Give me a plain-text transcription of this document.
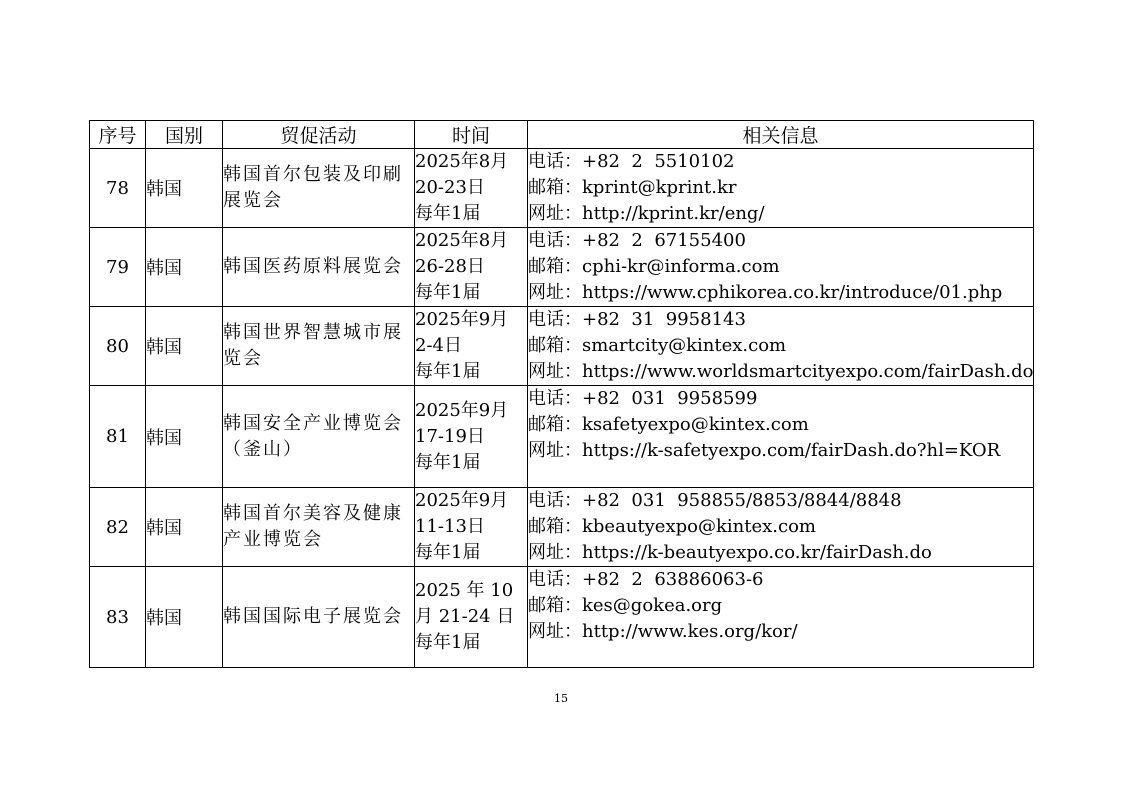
序号	国别	贸促活动	时间	相关信息
78	韩国	韩国首尔包装及印刷展览会	2025年8月
20-23日
每年1届	电话：+82  2  5510102
邮箱：kprint@kprint.kr
网址：http://kprint.kr/eng/

79	韩国	韩国医药原料展览会	2025年8月
26-28日
每年1届	电话：+82  2  67155400
邮箱：cphi-kr@informa.com
网址：https://www.cphikorea.co.kr/introduce/01.php

80	韩国	韩国世界智慧城市展览会	2025年9月
2-4日
每年1届	电话：+82  31  9958143
邮箱：smartcity@kintex.com
网址：https://www.worldsmartcityexpo.com/fairDash.do

81	韩国	韩国安全产业博览会（釜山）	2025年9月
17-19日
每年1届	电话：+82  031  9958599
邮箱：ksafetyexpo@kintex.com
网址：https://k-safetyexpo.com/fairDash.do?hl=KOR

82	韩国	韩国首尔美容及健康产业博览会	2025年9月
11-13日
每年1届	电话：+82  031  958855/8853/8844/8848
邮箱：kbeautyexpo@kintex.com
网址：https://k-beautyexpo.co.kr/fairDash.do

83	韩国	韩国国际电子展览会	2025 年 10
月 21-24 日
每年1届	电话：+82  2  63886063-6
邮箱：kes@gokea.org
网址：http://www.kes.org/kor/
15
